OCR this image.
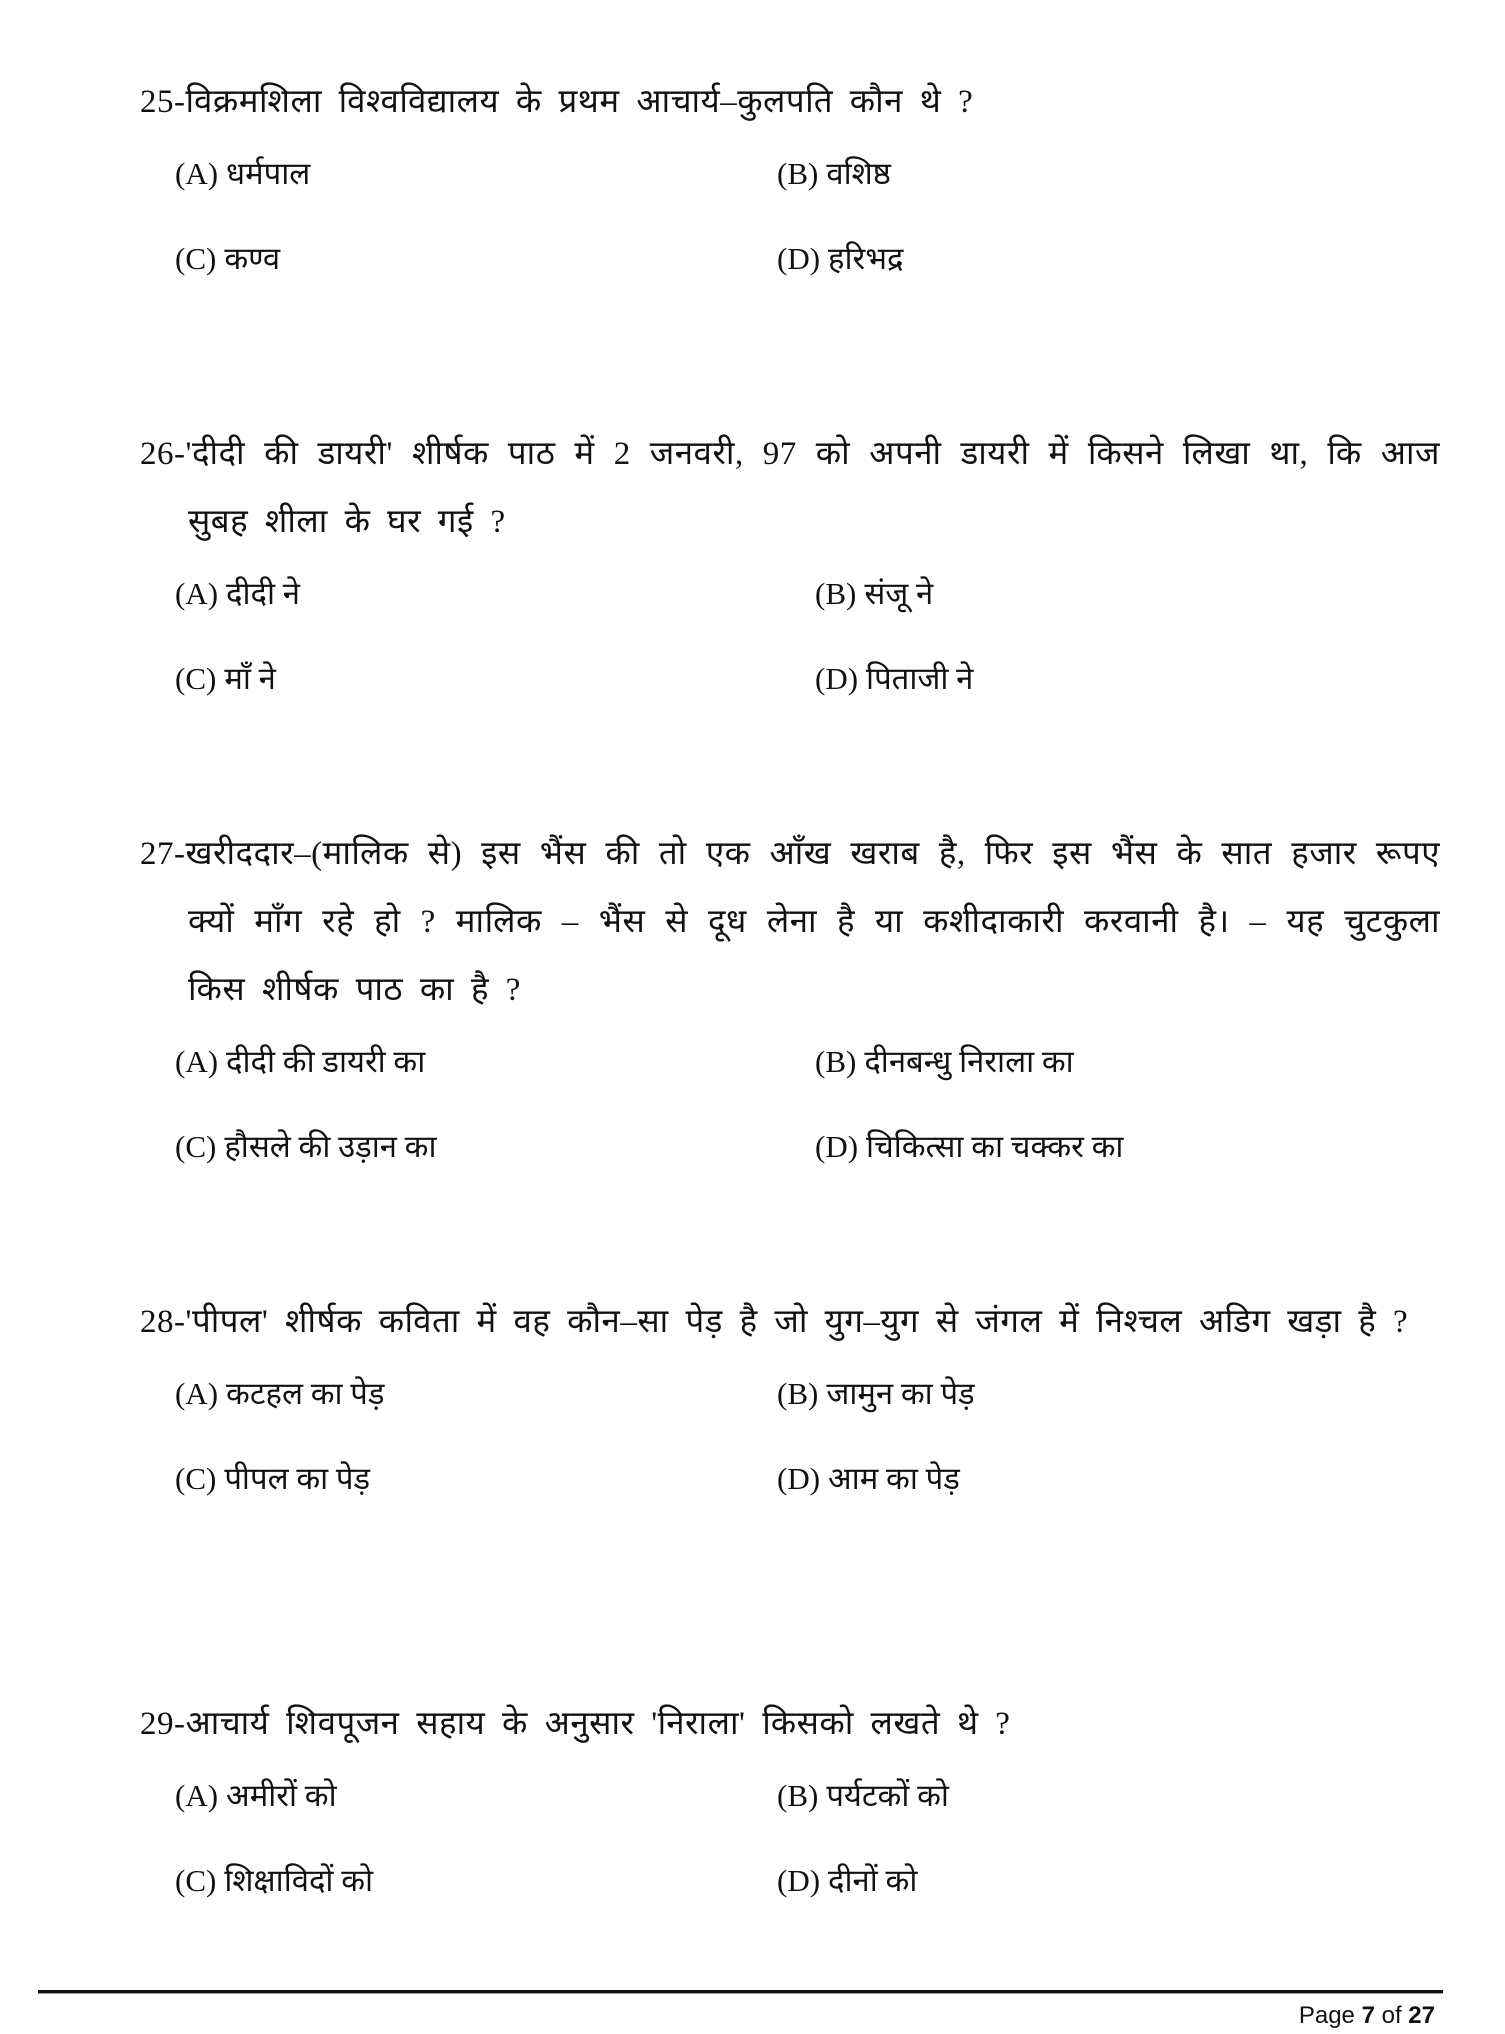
25-विक्रमशिला विश्वविद्यालय के प्रथम आचार्य–कुलपति कौन थे ?

(A) धर्मपाल	(B) वशिष्ठ
(C) कण्व	(D) हरिभद्र

26-'दीदी की डायरी' शीर्षक पाठ में 2 जनवरी, 97 को अपनी डायरी में किसने लिखा था, कि आज सुबह शीला के घर गई ?

(A) दीदी ने	(B) संजू ने
(C) माँ ने	(D) पिताजी ने

27-खरीददार–(मालिक से) इस भैंस की तो एक आँख खराब है, फिर इस भैंस के सात हजार रूपए क्यों माँग रहे हो ? मालिक – भैंस से दूध लेना है या कशीदाकारी करवानी है। – यह चुटकुला किस शीर्षक पाठ का है ?

(A) दीदी की डायरी का	(B) दीनबन्धु निराला का
(C) हौसले की उड़ान का	(D) चिकित्सा का चक्कर का

28-'पीपल' शीर्षक कविता में वह कौन–सा पेड़ है जो युग–युग से जंगल में निश्चल अडिग खड़ा है ?

(A) कटहल का पेड़	(B) जामुन का पेड़
(C) पीपल का पेड़	(D) आम का पेड़

29-आचार्य शिवपूजन सहाय के अनुसार 'निराला' किसको लखते थे ?

(A) अमीरों को	(B) पर्यटकों को
(C) शिक्षाविदों को	(D) दीनों को
Page 7 of 27
